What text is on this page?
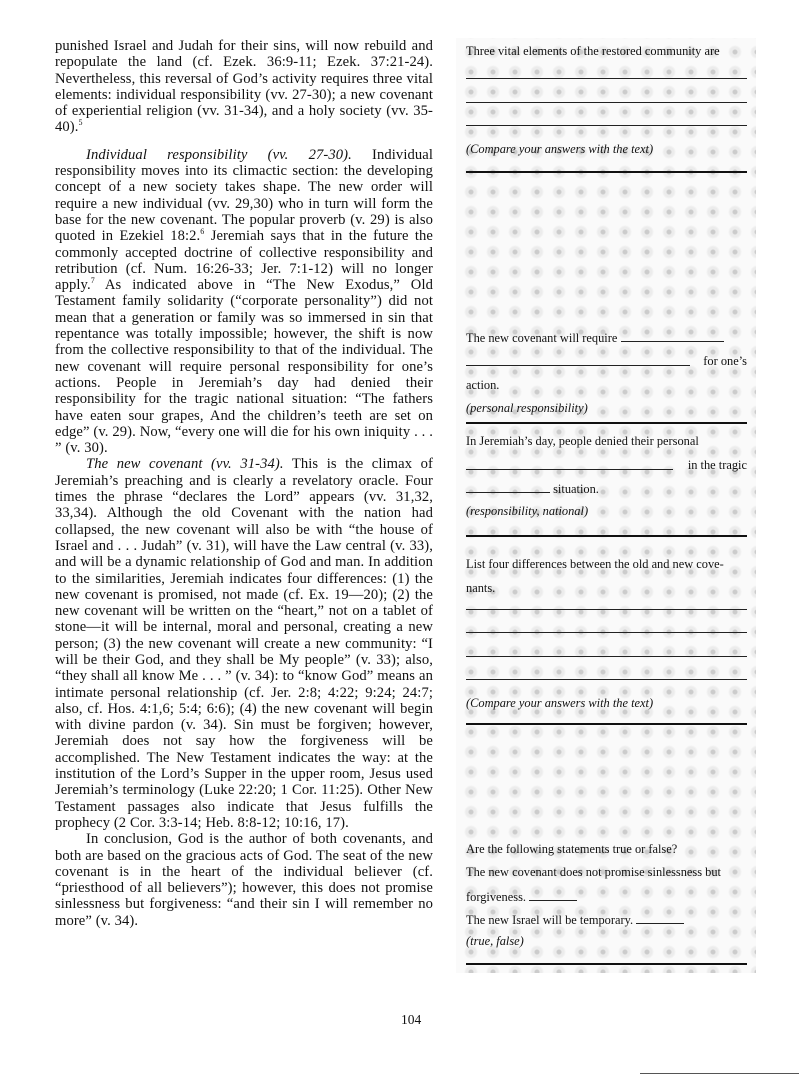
punished Israel and Judah for their sins, will now rebuild and repopulate the land (cf. Ezek. 36:9-11; Ezek. 37:21-24). Nevertheless, this reversal of God’s activity requires three vital elements: individual responsibility (vv. 27-30); a new covenant of experiential religion (vv. 31-34), and a holy society (vv. 35-40).$^5$

Individual responsibility (vv. 27-30). Individual responsibility moves into its climactic section: the developing concept of a new society takes shape. The new order will require a new individual (vv. 29,30) who in turn will form the base for the new covenant. The popular proverb (v. 29) is also quoted in Ezekiel 18:2.$^6$ Jeremiah says that in the future the commonly accepted doctrine of collective responsibility and retribution (cf. Num. 16:26-33; Jer. 7:1-12) will no longer apply.$^7$ As indicated above in “The New Exodus,” Old Testament family solidarity (“corporate personality”) did not mean that a generation or family was so immersed in sin that repentance was totally impossible; however, the shift is now from the collective responsibility to that of the individual. The new covenant will require personal responsibility for one’s actions. People in Jeremiah’s day had denied their responsibility for the tragic national situation: “The fathers have eaten sour grapes, And the children’s teeth are set on edge” (v. 29). Now, “every one will die for his own iniquity . . . ” (v. 30).

The new covenant (vv. 31-34). This is the climax of Jeremiah’s preaching and is clearly a revelatory oracle. Four times the phrase “declares the Lord” appears (vv. 31,32, 33,34). Although the old Covenant with the nation had collapsed, the new covenant will also be with “the house of Israel and . . . Judah” (v. 31), will have the Law central (v. 33), and will be a dynamic relationship of God and man. In addition to the similarities, Jeremiah indicates four differences: (1) the new covenant is promised, not made (cf. Ex. 19—20); (2) the new covenant will be written on the “heart,” not on a tablet of stone—it will be internal, moral and personal, creating a new person; (3) the new covenant will create a new community: “I will be their God, and they shall be My people” (v. 33); also, “they shall all know Me . . . ” (v. 34): to “know God” means an intimate personal relationship (cf. Jer. 2:8; 4:22; 9:24; 24:7; also, cf. Hos. 4:1,6; 5:4; 6:6); (4) the new covenant will begin with divine pardon (v. 34). Sin must be forgiven; however, Jeremiah does not say how the forgiveness will be accomplished. The New Testament indicates the way: at the institution of the Lord’s Supper in the upper room, Jesus used Jeremiah’s terminology (Luke 22:20; 1 Cor. 11:25). Other New Testament passages also indicate that Jesus fulfills the prophecy (2 Cor. 3:3-14; Heb. 8:8-12; 10:16, 17).

In conclusion, God is the author of both covenants, and both are based on the gracious acts of God. The seat of the new covenant is in the heart of the individual believer (cf. “priesthood of all believers”); however, this does not promise sinlessness but forgiveness: “and their sin I will remember no more” (v. 34).

Three vital elements of the restored community are
(Compare your answers with the text)
The new covenant will require
for one’s
action.
(personal responsibility)
In Jeremiah’s day, people denied their personal
in the tragic
situation.
(responsibility, national)
List four differences between the old and new cove-
nants.
(Compare your answers with the text)
Are the following statements true or false?
The new covenant does not promise sinlessness but
forgiveness.
The new Israel will be temporary.
(true, false)
104
